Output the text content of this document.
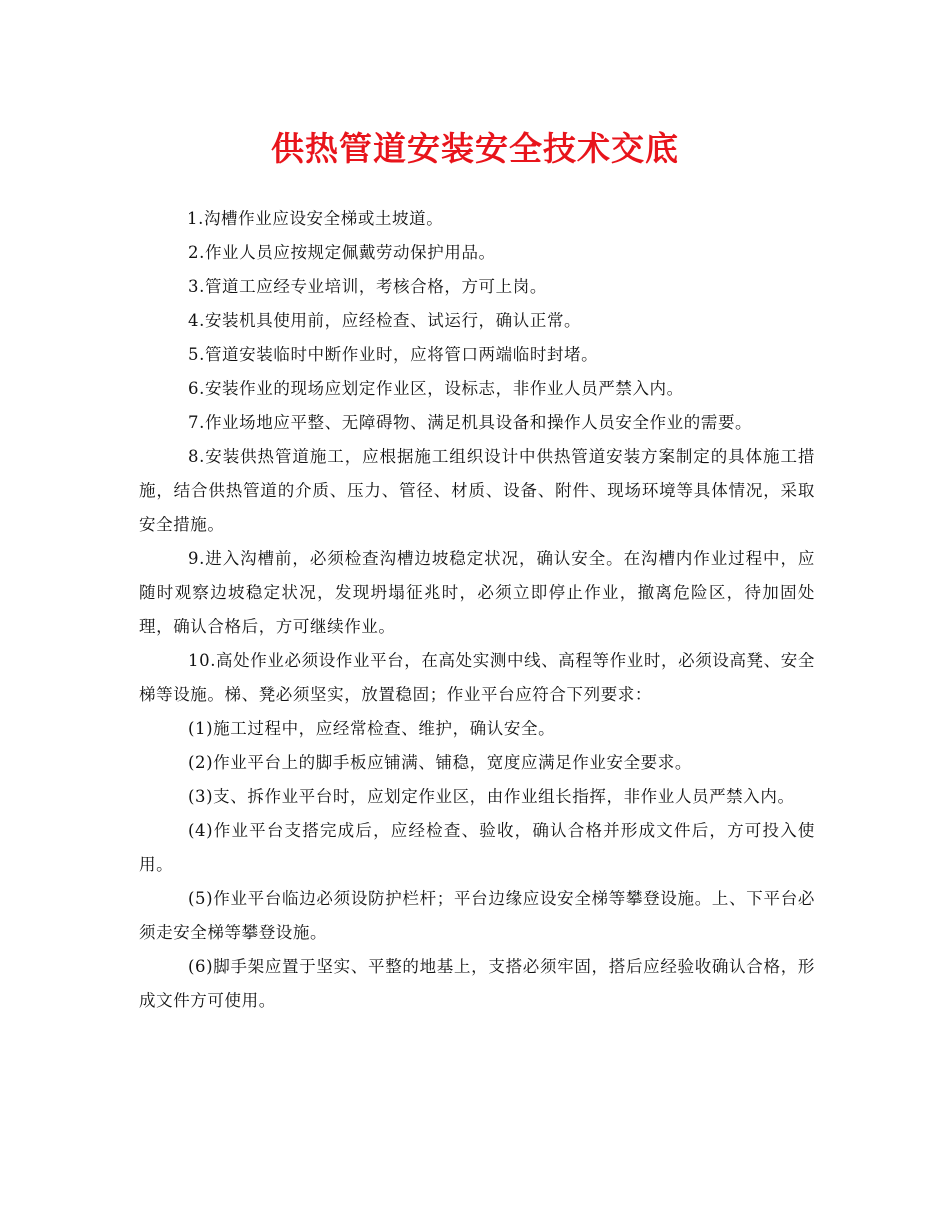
供热管道安装安全技术交底

1.沟槽作业应设安全梯或土坡道。

2.作业人员应按规定佩戴劳动保护用品。

3.管道工应经专业培训，考核合格，方可上岗。

4.安装机具使用前，应经检查、试运行，确认正常。

5.管道安装临时中断作业时，应将管口两端临时封堵。

6.安装作业的现场应划定作业区，设标志，非作业人员严禁入内。

7.作业场地应平整、无障碍物、满足机具设备和操作人员安全作业的需要。

8.安装供热管道施工，应根据施工组织设计中供热管道安装方案制定的具体施工措施，结合供热管道的介质、压力、管径、材质、设备、附件、现场环境等具体情况，采取安全措施。

9.进入沟槽前，必须检查沟槽边坡稳定状况，确认安全。在沟槽内作业过程中，应随时观察边坡稳定状况，发现坍塌征兆时，必须立即停止作业，撤离危险区，待加固处理，确认合格后，方可继续作业。

10.高处作业必须设作业平台，在高处实测中线、高程等作业时，必须设高凳、安全梯等设施。梯、凳必须坚实，放置稳固；作业平台应符合下列要求：

(1)施工过程中，应经常检查、维护，确认安全。

(2)作业平台上的脚手板应铺满、铺稳，宽度应满足作业安全要求。

(3)支、拆作业平台时，应划定作业区，由作业组长指挥，非作业人员严禁入内。

(4)作业平台支搭完成后，应经检查、验收，确认合格并形成文件后，方可投入使用。

(5)作业平台临边必须设防护栏杆；平台边缘应设安全梯等攀登设施。上、下平台必须走安全梯等攀登设施。

(6)脚手架应置于坚实、平整的地基上，支搭必须牢固，搭后应经验收确认合格，形成文件方可使用。
